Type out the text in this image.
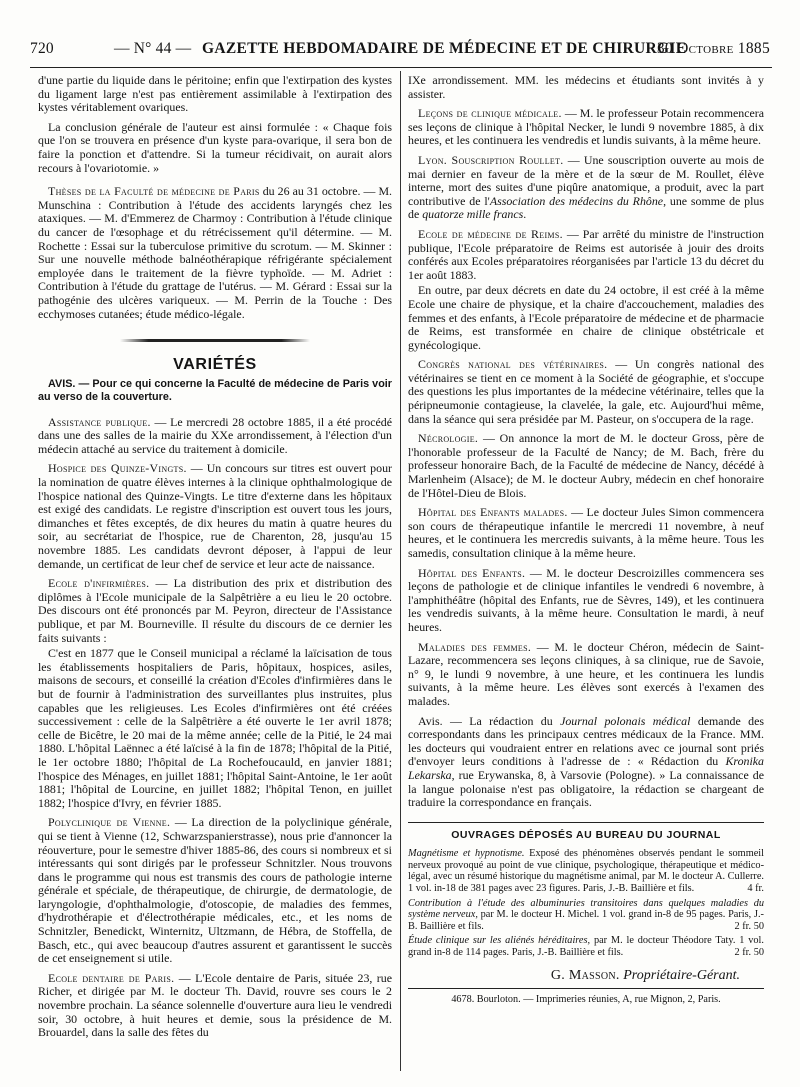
720	— N° 44 — GAZETTE HEBDOMADAIRE DE MÉDECINE ET DE CHIRURGIE
30 Octobre 1885

d'une partie du liquide dans le péritoine; enfin que l'extirpation des kystes du ligament large n'est pas entièrement assimilable à l'extirpation des kystes véritablement ovariques.

La conclusion générale de l'auteur est ainsi formulée : « Chaque fois que l'on se trouvera en présence d'un kyste para-ovarique, il sera bon de faire la ponction et d'attendre. Si la tumeur récidivait, on aurait alors recours à l'ovariotomie. »

Thèses de la Faculté de médecine de Paris du 26 au 31 octobre. — M. Munschina : Contribution à l'étude des accidents laryngés chez les ataxiques. — M. d'Emmerez de Charmoy : Contribution à l'étude clinique du cancer de l'œsophage et du rétrécissement qu'il détermine. — M. Rochette : Essai sur la tuberculose primitive du scrotum. — M. Skinner : Sur une nouvelle méthode balnéothérapique réfrigérante spécialement employée dans le traitement de la fièvre typhoïde. — M. Adriet : Contribution à l'étude du grattage de l'utérus. — M. Gérard : Essai sur la pathogénie des ulcères variqueux. — M. Perrin de la Touche : Des ecchymoses cutanées; étude médico-légale.

VARIÉTÉS
AVIS. — Pour ce qui concerne la Faculté de médecine de Paris voir au verso de la couverture.

Assistance publique. — Le mercredi 28 octobre 1885, il a été procédé dans une des salles de la mairie du XXe arrondissement, à l'élection d'un médecin attaché au service du traitement à domicile.

Hospice des Quinze-Vingts. — Un concours sur titres est ouvert pour la nomination de quatre élèves internes à la clinique ophthalmologique de l'hospice national des Quinze-Vingts. Le titre d'externe dans les hôpitaux est exigé des candidats. Le registre d'inscription est ouvert tous les jours, dimanches et fêtes exceptés, de dix heures du matin à quatre heures du soir, au secrétariat de l'hospice, rue de Charenton, 28, jusqu'au 15 novembre 1885. Les candidats devront déposer, à l'appui de leur demande, un certificat de leur chef de service et leur acte de naissance.

Ecole d'infirmières. — La distribution des prix et distribution des diplômes à l'Ecole municipale de la Salpêtrière a eu lieu le 20 octobre. Des discours ont été prononcés par M. Peyron, directeur de l'Assistance publique, et par M. Bourneville. Il résulte du discours de ce dernier les faits suivants :

C'est en 1877 que le Conseil municipal a réclamé la laïcisation de tous les établissements hospitaliers de Paris, hôpitaux, hospices, asiles, maisons de secours, et conseillé la création d'Ecoles d'infirmières dans le but de fournir à l'administration des surveillantes plus instruites, plus capables que les religieuses. Les Ecoles d'infirmières ont été créées successivement : celle de la Salpêtrière a été ouverte le 1er avril 1878; celle de Bicêtre, le 20 mai de la même année; celle de la Pitié, le 24 mai 1880. L'hôpital Laënnec a été laïcisé à la fin de 1878; l'hôpital de la Pitié, le 1er octobre 1880; l'hôpital de La Rochefoucauld, en janvier 1881; l'hospice des Ménages, en juillet 1881; l'hôpital Saint-Antoine, le 1er août 1881; l'hôpital de Lourcine, en juillet 1882; l'hôpital Tenon, en juillet 1882; l'hospice d'Ivry, en février 1885.

Polyclinique de Vienne. — La direction de la polyclinique générale, qui se tient à Vienne (12, Schwarzspanierstrasse), nous prie d'annoncer la réouverture, pour le semestre d'hiver 1885-86, des cours si nombreux et si intéressants qui sont dirigés par le professeur Schnitzler. Nous trouvons dans le programme qui nous est transmis des cours de pathologie interne générale et spéciale, de thérapeutique, de chirurgie, de dermatologie, de laryngologie, d'ophthalmologie, d'otoscopie, de maladies des femmes, d'hydrothérapie et d'électrothérapie médicales, etc., et les noms de Schnitzler, Benedickt, Winternitz, Ultzmann, de Hébra, de Stoffella, de Basch, etc., qui avec beaucoup d'autres assurent et garantissent le succès de cet enseignement si utile.

Ecole dentaire de Paris. — L'Ecole dentaire de Paris, située 23, rue Richer, et dirigée par M. le docteur Th. David, rouvre ses cours le 2 novembre prochain. La séance solennelle d'ouverture aura lieu le vendredi soir, 30 octobre, à huit heures et demie, sous la présidence de M. Brouardel, dans la salle des fêtes du

IXe arrondissement. MM. les médecins et étudiants sont invités à y assister.

Leçons de clinique médicale. — M. le professeur Potain recommencera ses leçons de clinique à l'hôpital Necker, le lundi 9 novembre 1885, à dix heures, et les continuera les vendredis et lundis suivants, à la même heure.

Lyon. Souscription Roullet. — Une souscription ouverte au mois de mai dernier en faveur de la mère et de la sœur de M. Roullet, élève interne, mort des suites d'une piqûre anatomique, a produit, avec la part contributive de l'Association des médecins du Rhône, une somme de plus de quatorze mille francs.

Ecole de médecine de Reims. — Par arrêté du ministre de l'instruction publique, l'Ecole préparatoire de Reims est autorisée à jouir des droits conférés aux Ecoles préparatoires réorganisées par l'article 13 du décret du 1er août 1883.

En outre, par deux décrets en date du 24 octobre, il est créé à la même Ecole une chaire de physique, et la chaire d'accouchement, maladies des femmes et des enfants, à l'Ecole préparatoire de médecine et de pharmacie de Reims, est transformée en chaire de clinique obstétricale et gynécologique.

Congrès national des vétérinaires. — Un congrès national des vétérinaires se tient en ce moment à la Société de géographie, et s'occupe des questions les plus importantes de la médecine vétérinaire, telles que la péripneumonie contagieuse, la clavelée, la gale, etc. Aujourd'hui même, dans la séance qui sera présidée par M. Pasteur, on s'occupera de la rage.

Nécrologie. — On annonce la mort de M. le docteur Gross, père de l'honorable professeur de la Faculté de Nancy; de M. Bach, frère du professeur honoraire Bach, de la Faculté de médecine de Nancy, décédé à Marlenheim (Alsace); de M. le docteur Aubry, médecin en chef honoraire de l'Hôtel-Dieu de Blois.

Hôpital des Enfants malades. — Le docteur Jules Simon commencera son cours de thérapeutique infantile le mercredi 11 novembre, à neuf heures, et le continuera les mercredis suivants, à la même heure. Tous les samedis, consultation clinique à la même heure.

Hôpital des Enfants. — M. le docteur Descroizilles commencera ses leçons de pathologie et de clinique infantiles le vendredi 6 novembre, à l'amphithéâtre (hôpital des Enfants, rue de Sèvres, 149), et les continuera les vendredis suivants, à la même heure. Consultation le mardi, à neuf heures.

Maladies des femmes. — M. le docteur Chéron, médecin de Saint-Lazare, recommencera ses leçons cliniques, à sa clinique, rue de Savoie, n° 9, le lundi 9 novembre, à une heure, et les continuera les lundis suivants, à la même heure. Les élèves sont exercés à l'examen des malades.

Avis. — La rédaction du Journal polonais médical demande des correspondants dans les principaux centres médicaux de la France. MM. les docteurs qui voudraient entrer en relations avec ce journal sont priés d'envoyer leurs conditions à l'adresse de : « Rédaction du Kronika Lekarska, rue Erywanska, 8, à Varsovie (Pologne). » La connaissance de la langue polonaise n'est pas obligatoire, la rédaction se chargeant de traduire la correspondance en français.

OUVRAGES DÉPOSÉS AU BUREAU DU JOURNAL

Magnétisme et hypnotisme. Exposé des phénomènes observés pendant le sommeil nerveux provoqué au point de vue clinique, psychologique, thérapeutique et médico-légal, avec un résumé historique du magnétisme animal, par M. le docteur A. Cullerre. 1 vol. in-18 de 381 pages avec 23 figures. Paris, J.-B. Baillière et fils.	4 fr.

Contribution à l'étude des albuminuries transitoires dans quelques maladies du système nerveux, par M. le docteur H. Michel. 1 vol. grand in-8 de 95 pages. Paris, J.-B. Baillière et fils.	2 fr. 50

Étude clinique sur les aliénés héréditaires, par M. le docteur Théodore Taty. 1 vol. grand in-8 de 114 pages. Paris, J.-B. Baillière et fils.	2 fr. 50

G. Masson. Propriétaire-Gérant.
4678. Bourloton. — Imprimeries réunies, A, rue Mignon, 2, Paris.
